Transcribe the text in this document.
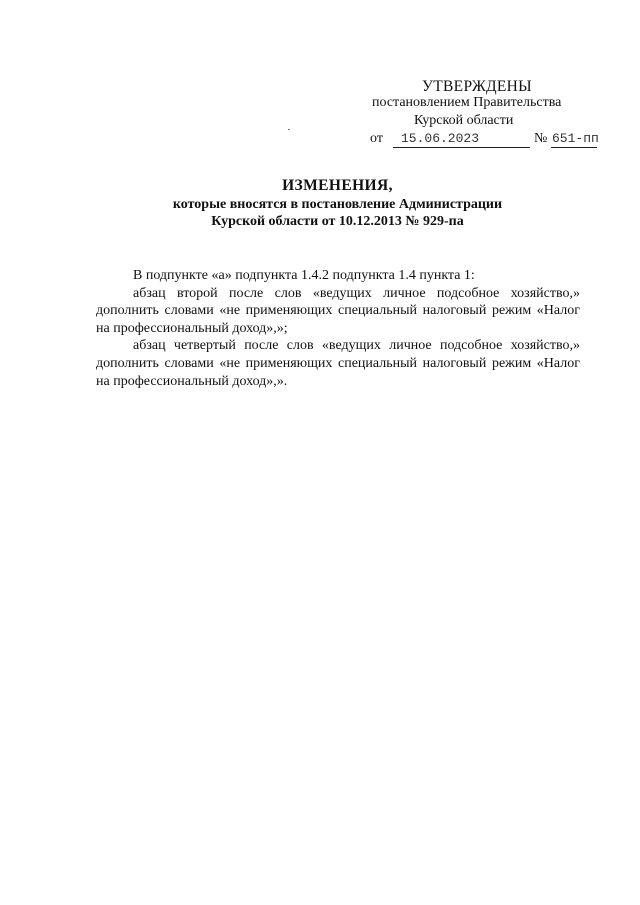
УТВЕРЖДЕНЫ
постановлением Правительства
Курской области
от 15.06.2023	№ 651-пп
ИЗМЕНЕНИЯ,
которые вносятся в постановление Администрации
Курской области от 10.12.2013 № 929-па

В подпункте «а» подпункта 1.4.2 подпункта 1.4 пункта 1:

абзац второй после слов «ведущих личное подсобное хозяйство,» дополнить словами «не применяющих специальный налоговый режим «Налог на профессиональный доход»,»;

абзац четвертый после слов «ведущих личное подсобное хозяйство,» дополнить словами «не применяющих специальный налоговый режим «Налог на профессиональный доход»,».
